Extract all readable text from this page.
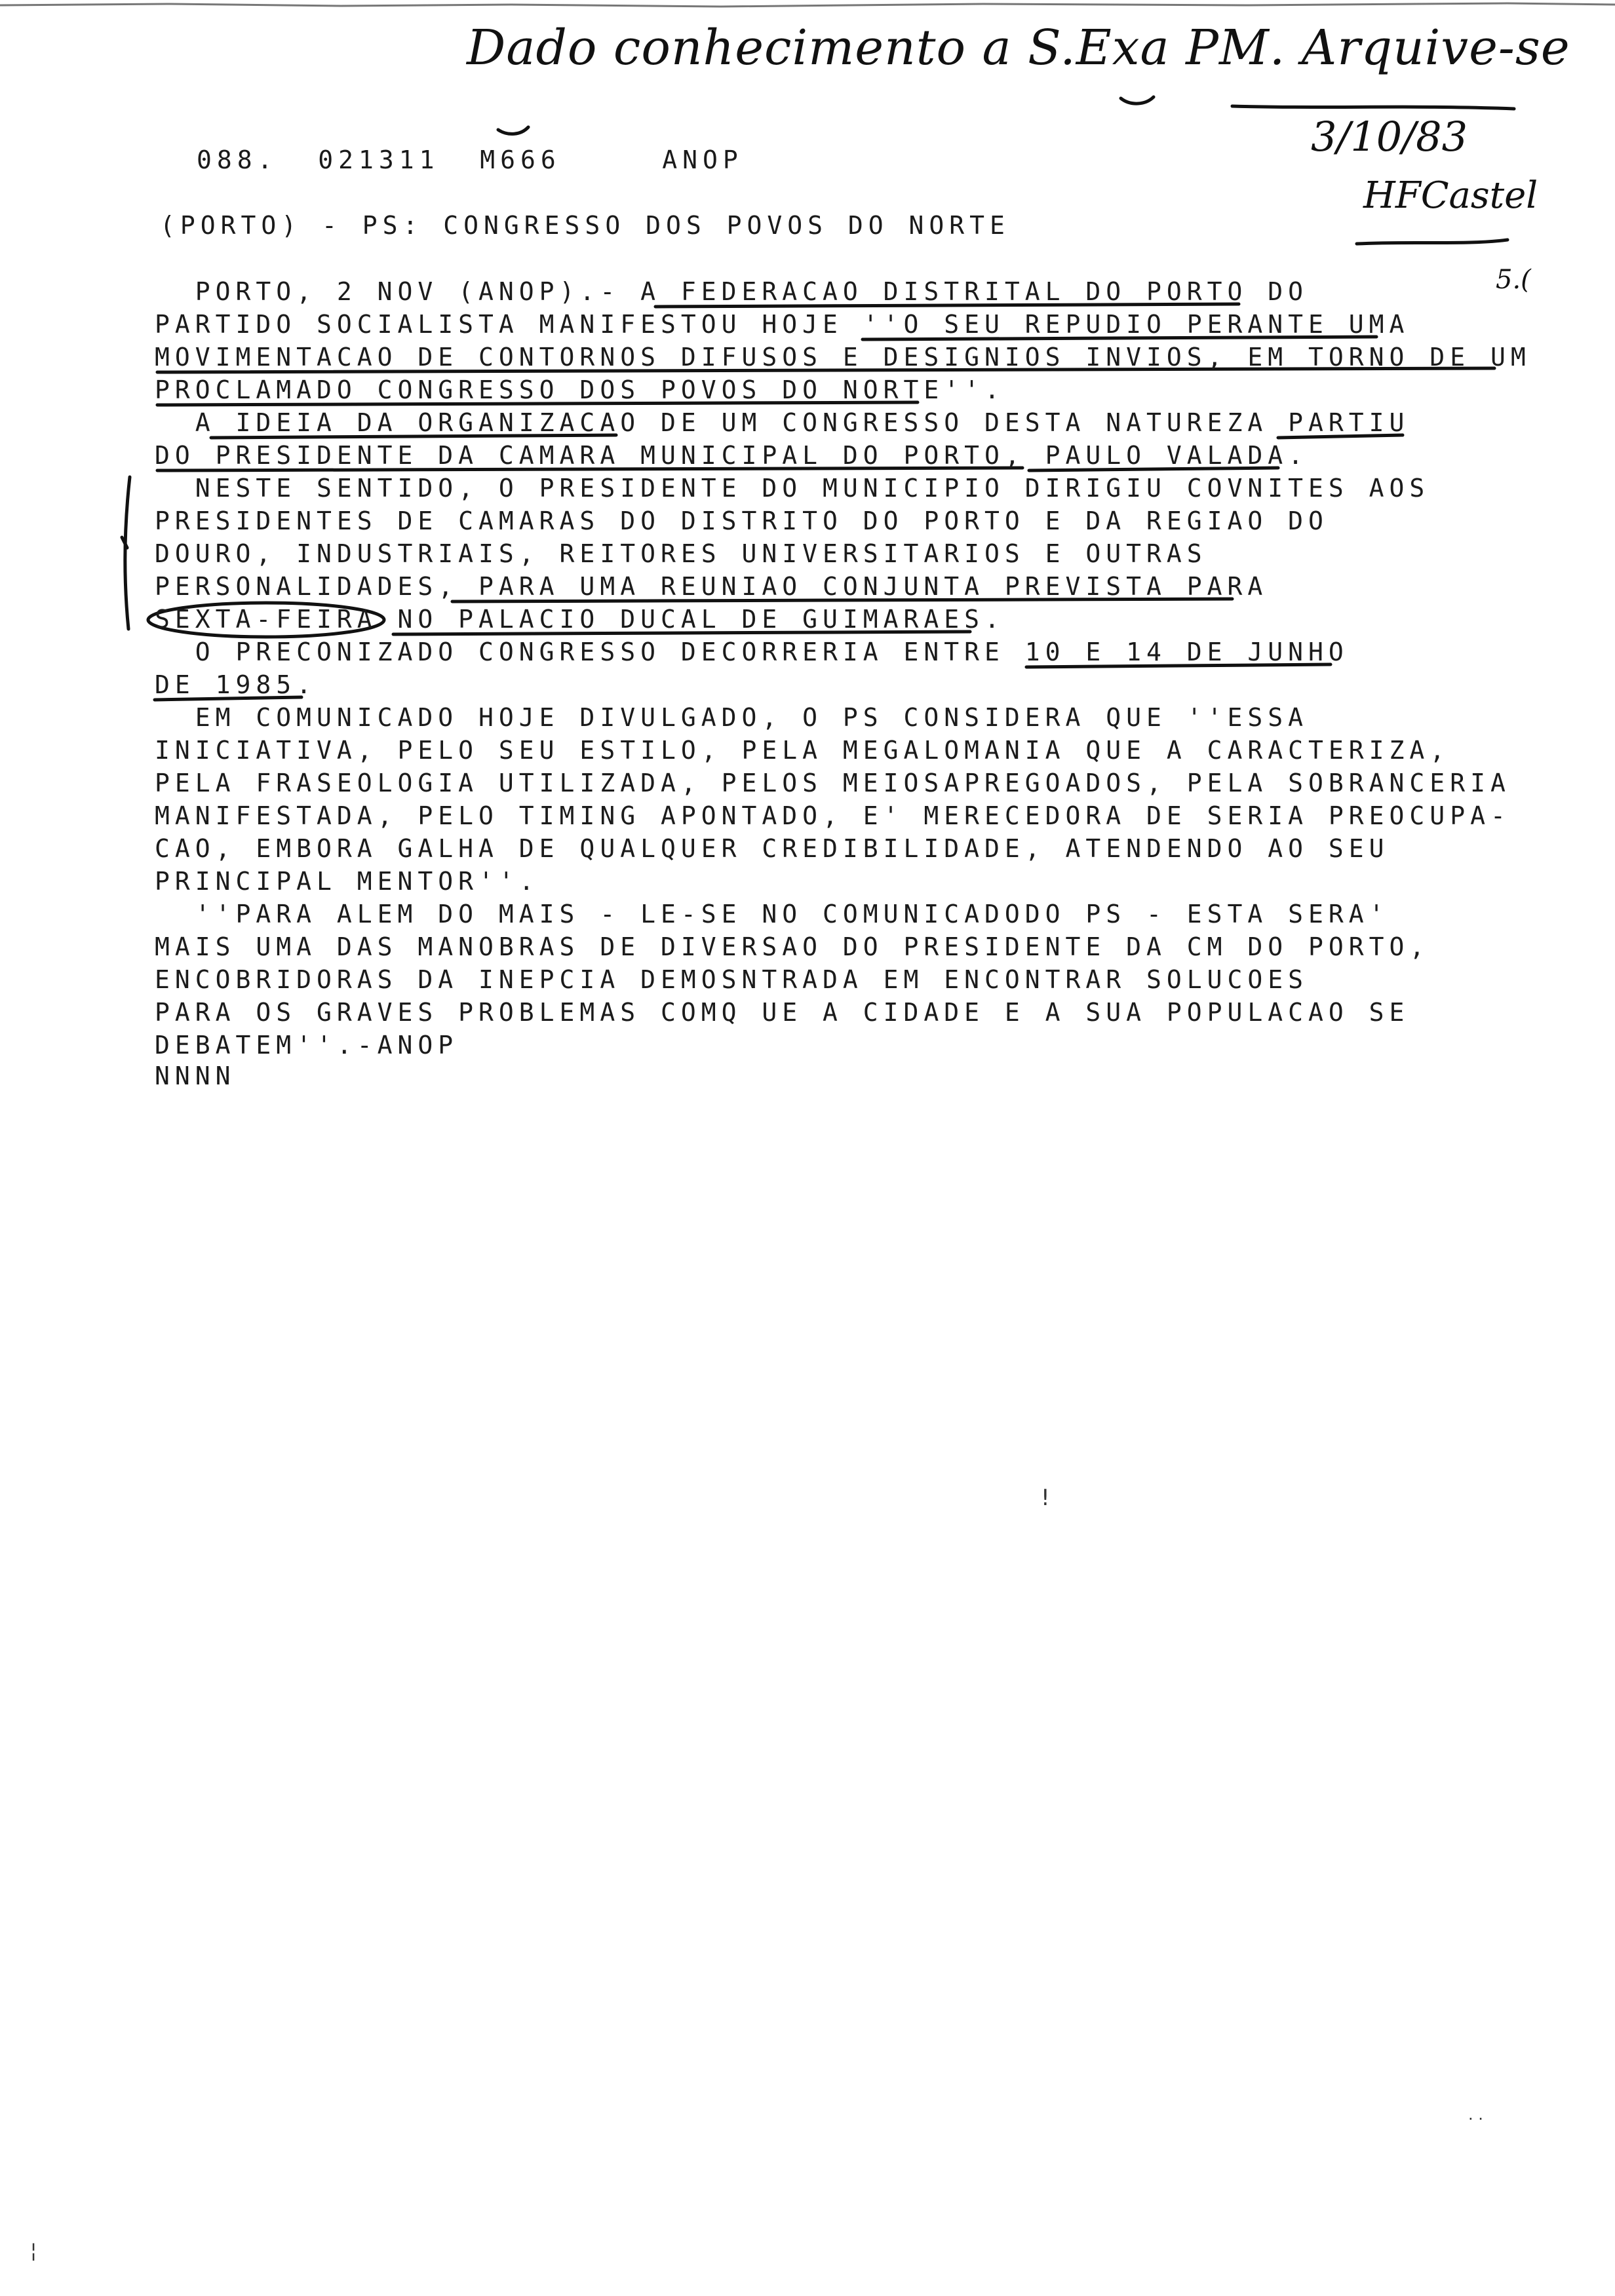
Dado conhecimento a S.Exa PM. Arquive-se
3/10/83
HFCastel
5.(
088.  021311  M666     ANOP
(PORTO) - PS: CONGRESSO DOS POVOS DO NORTE
PORTO, 2 NOV (ANOP).- A FEDERACAO DISTRITAL DO PORTO DO
PARTIDO SOCIALISTA MANIFESTOU HOJE ''O SEU REPUDIO PERANTE UMA
MOVIMENTACAO DE CONTORNOS DIFUSOS E DESIGNIOS INVIOS, EM TORNO DE UM
PROCLAMADO CONGRESSO DOS POVOS DO NORTE''.
A IDEIA DA ORGANIZACAO DE UM CONGRESSO DESTA NATUREZA PARTIU
DO PRESIDENTE DA CAMARA MUNICIPAL DO PORTO, PAULO VALADA.
NESTE SENTIDO, O PRESIDENTE DO MUNICIPIO DIRIGIU COVNITES AOS
PRESIDENTES DE CAMARAS DO DISTRITO DO PORTO E DA REGIAO DO
DOURO, INDUSTRIAIS, REITORES UNIVERSITARIOS E OUTRAS
PERSONALIDADES, PARA UMA REUNIAO CONJUNTA PREVISTA PARA
SEXTA-FEIRA NO PALACIO DUCAL DE GUIMARAES.
O PRECONIZADO CONGRESSO DECORRERIA ENTRE 10 E 14 DE JUNHO
DE 1985.
EM COMUNICADO HOJE DIVULGADO, O PS CONSIDERA QUE ''ESSA
INICIATIVA, PELO SEU ESTILO, PELA MEGALOMANIA QUE A CARACTERIZA,
PELA FRASEOLOGIA UTILIZADA, PELOS MEIOSAPREGOADOS, PELA SOBRANCERIA
MANIFESTADA, PELO TIMING APONTADO, E' MERECEDORA DE SERIA PREOCUPA-
CAO, EMBORA GALHA DE QUALQUER CREDIBILIDADE, ATENDENDO AO SEU
PRINCIPAL MENTOR''.
''PARA ALEM DO MAIS - LE-SE NO COMUNICADODO PS - ESTA SERA'
MAIS UMA DAS MANOBRAS DE DIVERSAO DO PRESIDENTE DA CM DO PORTO,
ENCOBRIDORAS DA INEPCIA DEMOSNTRADA EM ENCONTRAR SOLUCOES
PARA OS GRAVES PROBLEMAS COMQ UE A CIDADE E A SUA POPULACAO SE
DEBATEM''.-ANOP
NNNN
!
· ·
¦
